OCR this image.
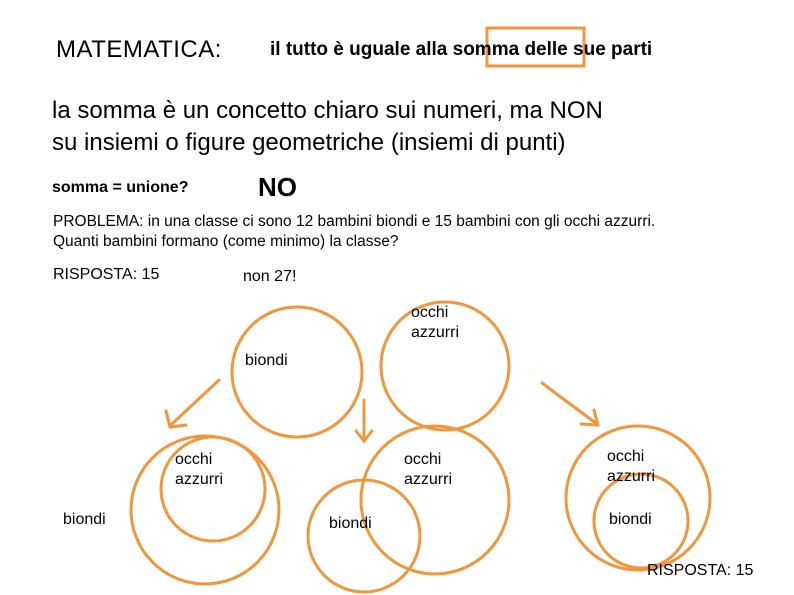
MATEMATICA:	il tutto è uguale alla somma delle sue parti
la somma è un concetto chiaro sui numeri, ma NON
su insiemi o figure geometriche (insiemi di punti)
somma = unione?	NO
PROBLEMA: in una classe ci sono 12 bambini biondi e 15 bambini con gli occhi azzurri.
Quanti bambini formano (come minimo) la classe?
RISPOSTA: 15	non 27!
occhi
azzurri
biondi
occhi
azzurri
biondi
occhi
azzurri
biondi
occhi
azzurri
biondi
RISPOSTA: 15
